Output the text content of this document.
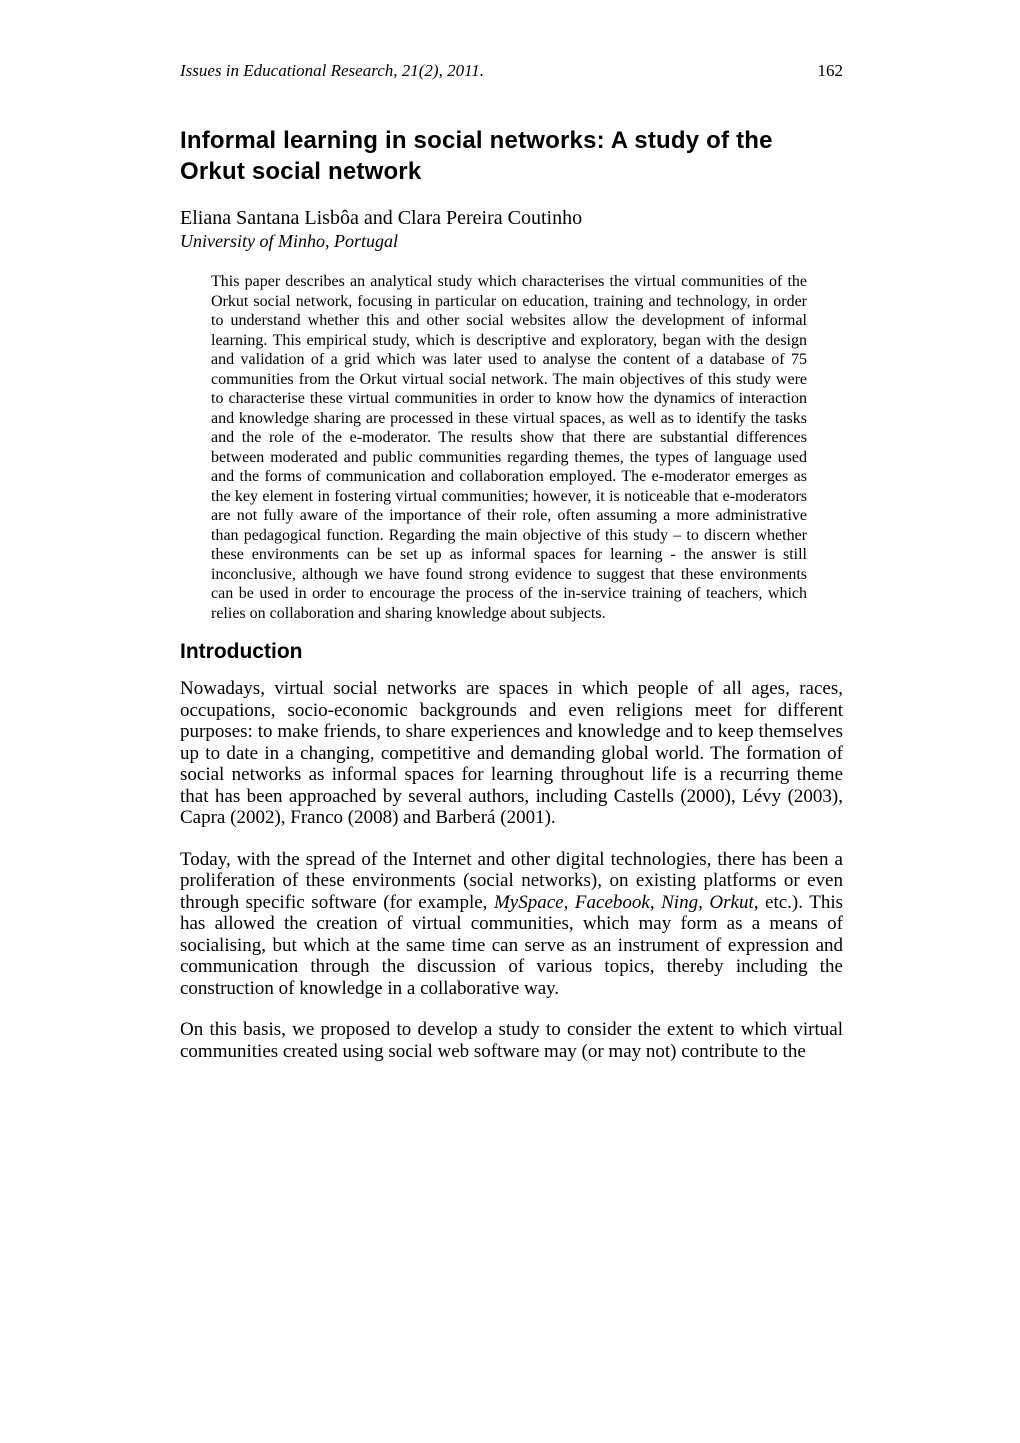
Issues in Educational Research, 21(2), 2011.	162
Informal learning in social networks: A study of the Orkut social network
Eliana Santana Lisbôa and Clara Pereira Coutinho
University of Minho, Portugal
This paper describes an analytical study which characterises the virtual communities of the Orkut social network, focusing in particular on education, training and technology, in order to understand whether this and other social websites allow the development of informal learning. This empirical study, which is descriptive and exploratory, began with the design and validation of a grid which was later used to analyse the content of a database of 75 communities from the Orkut virtual social network. The main objectives of this study were to characterise these virtual communities in order to know how the dynamics of interaction and knowledge sharing are processed in these virtual spaces, as well as to identify the tasks and the role of the e-moderator. The results show that there are substantial differences between moderated and public communities regarding themes, the types of language used and the forms of communication and collaboration employed. The e-moderator emerges as the key element in fostering virtual communities; however, it is noticeable that e-moderators are not fully aware of the importance of their role, often assuming a more administrative than pedagogical function. Regarding the main objective of this study – to discern whether these environments can be set up as informal spaces for learning - the answer is still inconclusive, although we have found strong evidence to suggest that these environments can be used in order to encourage the process of the in-service training of teachers, which relies on collaboration and sharing knowledge about subjects.
Introduction

Nowadays, virtual social networks are spaces in which people of all ages, races, occupations, socio-economic backgrounds and even religions meet for different purposes: to make friends, to share experiences and knowledge and to keep themselves up to date in a changing, competitive and demanding global world. The formation of social networks as informal spaces for learning throughout life is a recurring theme that has been approached by several authors, including Castells (2000), Lévy (2003), Capra (2002), Franco (2008) and Barberá (2001).

Today, with the spread of the Internet and other digital technologies, there has been a proliferation of these environments (social networks), on existing platforms or even through specific software (for example, MySpace, Facebook, Ning, Orkut, etc.). This has allowed the creation of virtual communities, which may form as a means of socialising, but which at the same time can serve as an instrument of expression and communication through the discussion of various topics, thereby including the construction of knowledge in a collaborative way.

On this basis, we proposed to develop a study to consider the extent to which virtual communities created using social web software may (or may not) contribute to the
